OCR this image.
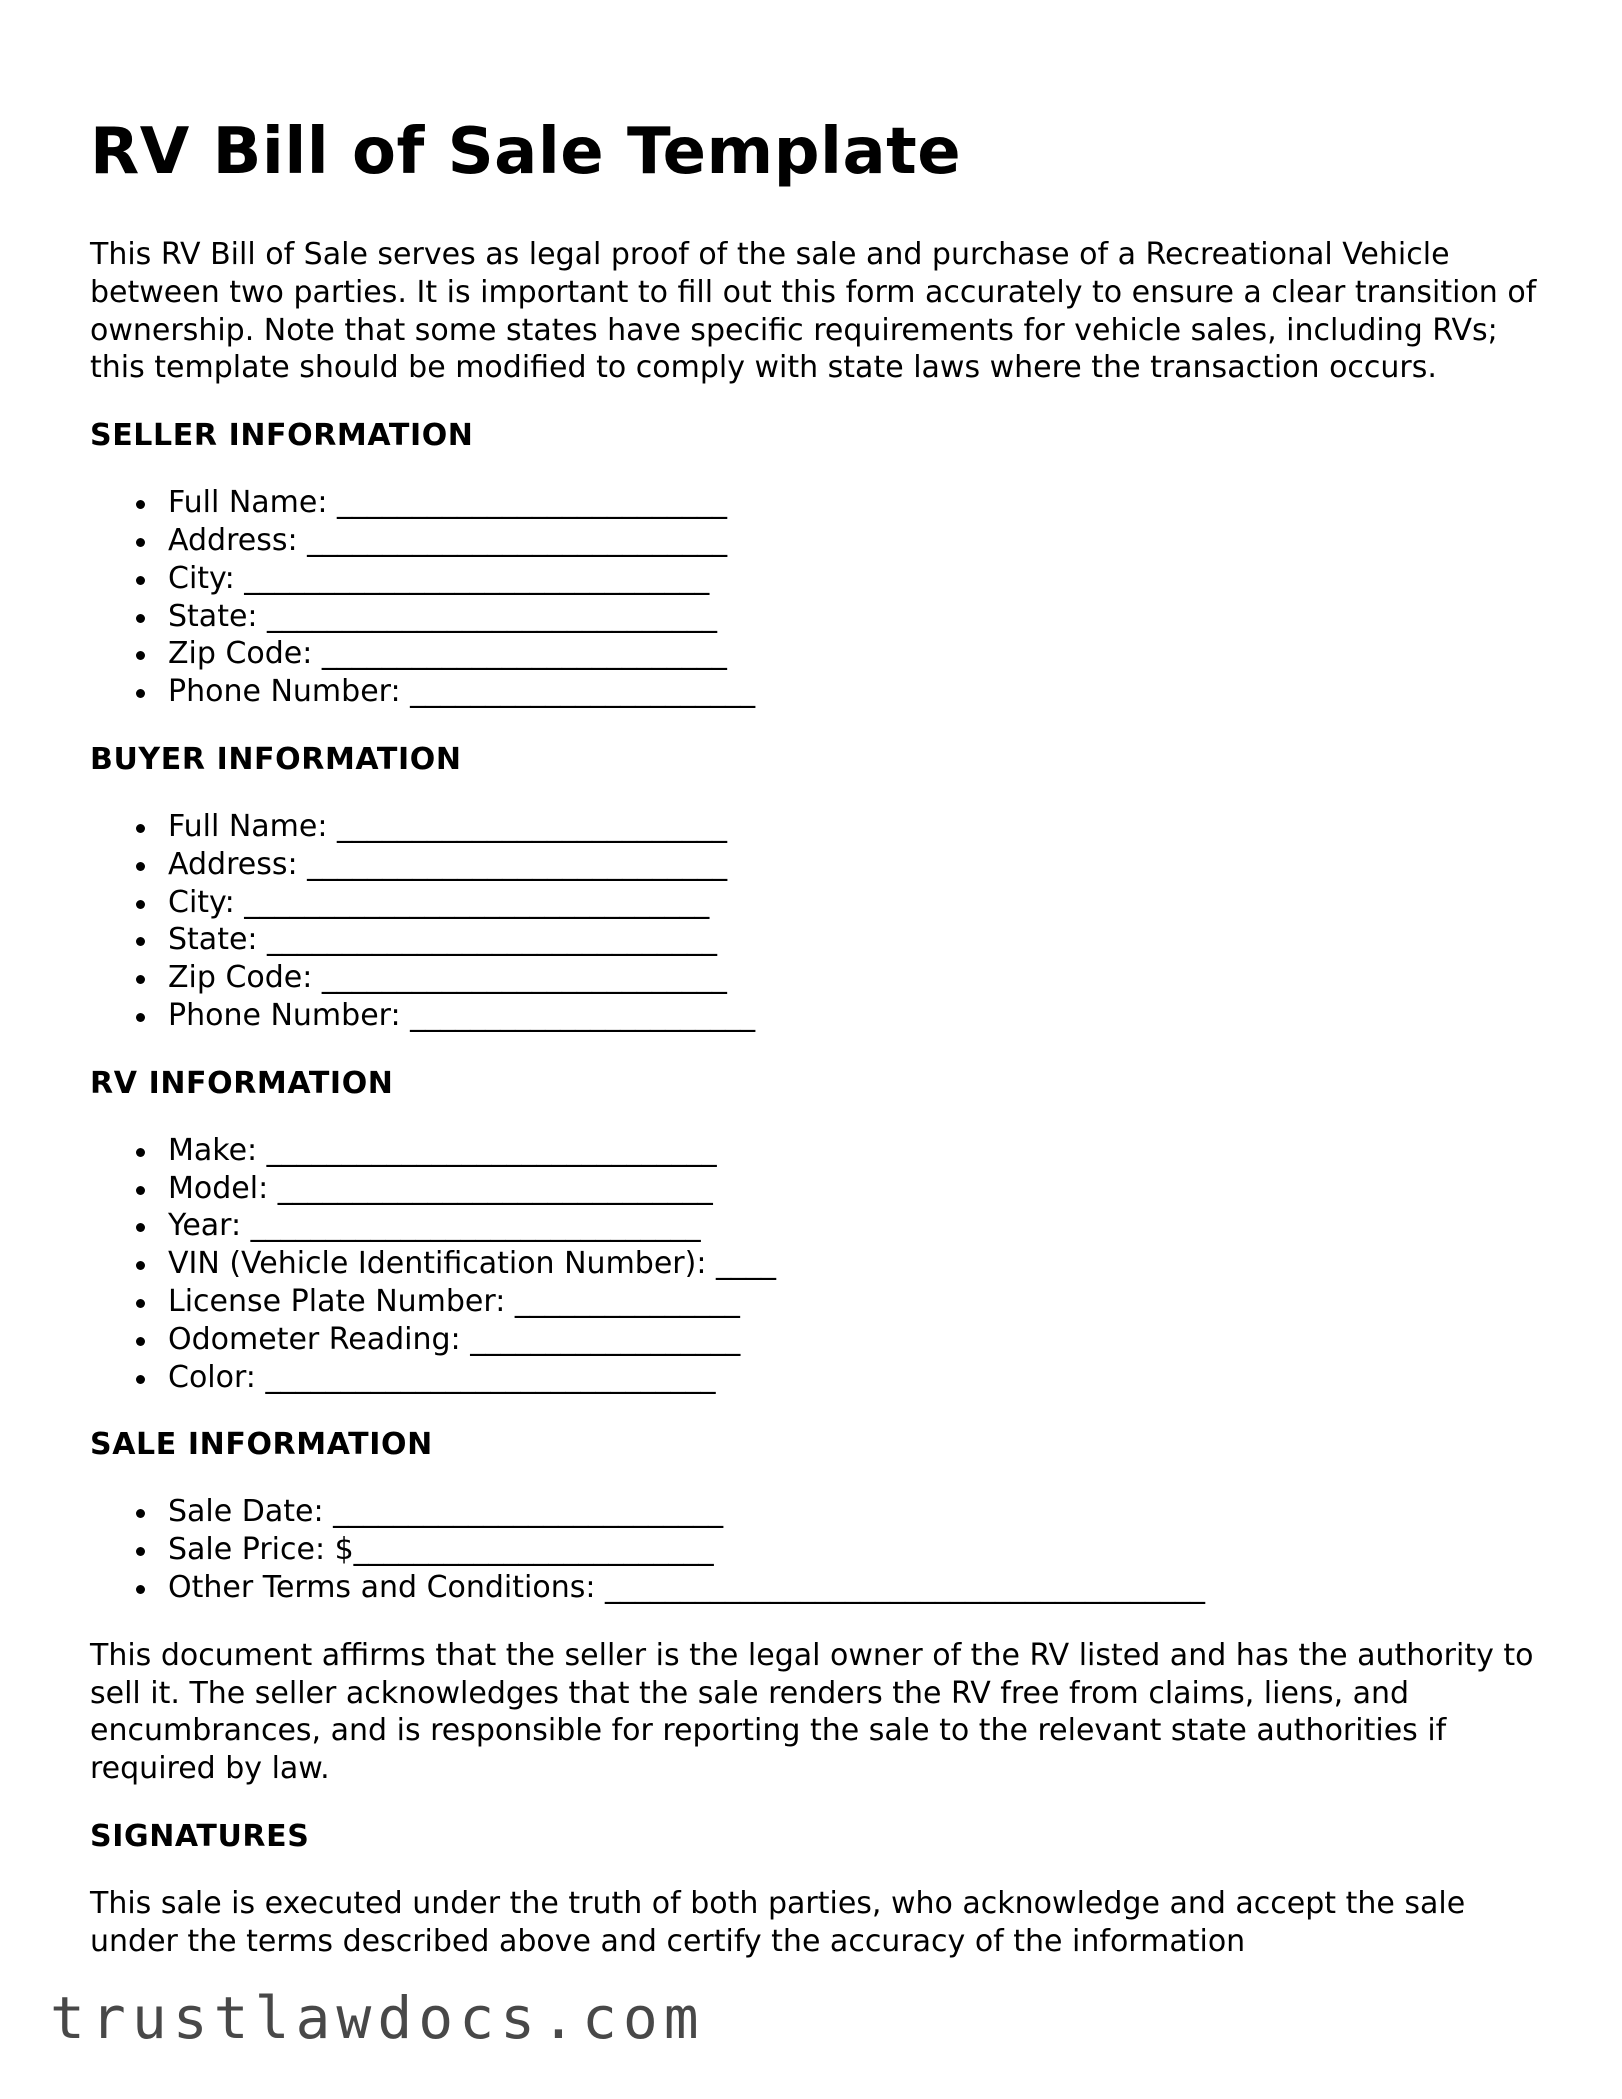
RV Bill of Sale Template

This RV Bill of Sale serves as legal proof of the sale and purchase of a Recreational Vehicle between two parties. It is important to fill out this form accurately to ensure a clear transition of ownership. Note that some states have specific requirements for vehicle sales, including RVs; this template should be modified to comply with state laws where the transaction occurs.

SELLER INFORMATION
Full Name: __________________________
Address: ____________________________
City: _______________________________
State: ______________________________
Zip Code: ___________________________
Phone Number: _______________________
BUYER INFORMATION
Full Name: __________________________
Address: ____________________________
City: _______________________________
State: ______________________________
Zip Code: ___________________________
Phone Number: _______________________
RV INFORMATION
Make: ______________________________
Model: _____________________________
Year: ______________________________
VIN (Vehicle Identification Number): ____
License Plate Number: _______________
Odometer Reading: __________________
Color: ______________________________
SALE INFORMATION
Sale Date: __________________________
Sale Price: $________________________
Other Terms and Conditions: ________________________________________

This document affirms that the seller is the legal owner of the RV listed and has the authority to sell it. The seller acknowledges that the sale renders the RV free from claims, liens, and encumbrances, and is responsible for reporting the sale to the relevant state authorities if required by law.

SIGNATURES

This sale is executed under the truth of both parties, who acknowledge and accept the sale under the terms described above and certify the accuracy of the information

trustlawdocs.com
